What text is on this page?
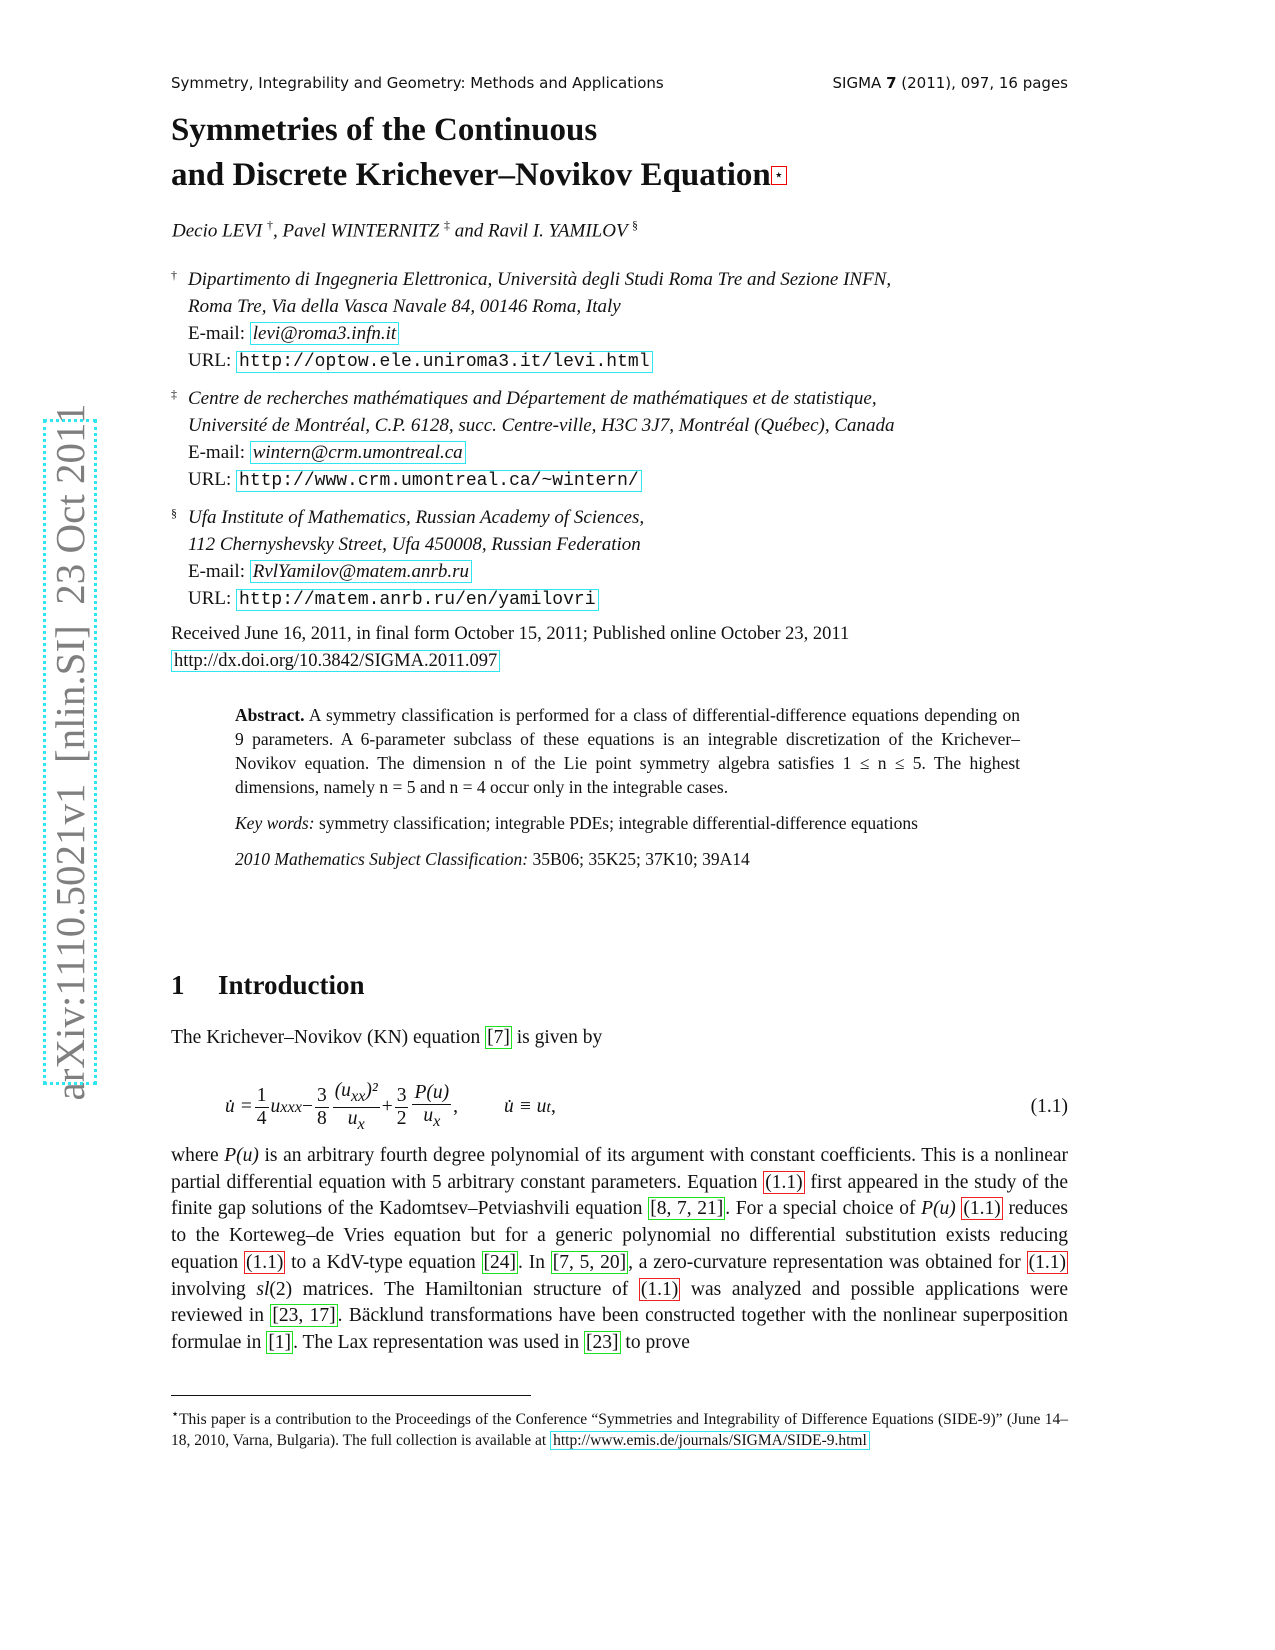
Symmetry, Integrability and Geometry: Methods and Applications	SIGMA 7 (2011), 097, 16 pages
Symmetries of the Continuous
and Discrete Krichever–Novikov Equation ⋆
Decio LEVI †, Pavel WINTERNITZ ‡ and Ravil I. YAMILOV §
† Dipartimento di Ingegneria Elettronica, Università degli Studi Roma Tre and Sezione INFN,
Roma Tre, Via della Vasca Navale 84, 00146 Roma, Italy
E-mail: levi@roma3.infn.it
URL: http://optow.ele.uniroma3.it/levi.html
‡ Centre de recherches mathématiques and Département de mathématiques et de statistique,
Université de Montréal, C.P. 6128, succ. Centre-ville, H3C 3J7, Montréal (Québec), Canada
E-mail: wintern@crm.umontreal.ca
URL: http://www.crm.umontreal.ca/~wintern/
§ Ufa Institute of Mathematics, Russian Academy of Sciences,
112 Chernyshevsky Street, Ufa 450008, Russian Federation
E-mail: RvlYamilov@matem.anrb.ru
URL: http://matem.anrb.ru/en/yamilovri
Received June 16, 2011, in final form October 15, 2011; Published online October 23, 2011
http://dx.doi.org/10.3842/SIGMA.2011.097

Abstract. A symmetry classification is performed for a class of differential-difference equations depending on 9 parameters. A 6-parameter subclass of these equations is an integrable discretization of the Krichever–Novikov equation. The dimension n of the Lie point symmetry algebra satisfies 1 ≤ n ≤ 5. The highest dimensions, namely n = 5 and n = 4 occur only in the integrable cases.

Key words: symmetry classification; integrable PDEs; integrable differential-difference equations

2010 Mathematics Subject Classification: 35B06; 35K25; 37K10; 39A14

1 Introduction
The Krichever–Novikov (KN) equation [7] is given by
u̇ = $\frac{1}{4}$ u xxx − $\frac{3}{8} \frac{(u_{xx})^2}{u_x} + \frac{3}{2} \frac{P(u)}{u_x}$ , u̇ ≡ u t ,	(1.1)
where P(u) is an arbitrary fourth degree polynomial of its argument with constant coefficients. This is a nonlinear partial differential equation with 5 arbitrary constant parameters. Equation (1.1) first appeared in the study of the finite gap solutions of the Kadomtsev–Petviashvili equation [8, 7, 21] . For a special choice of P(u) (1.1) reduces to the Korteweg–de Vries equation but for a generic polynomial no differential substitution exists reducing equation (1.1) to a KdV-type equation [24] . In [7, 5, 20] , a zero-curvature representation was obtained for (1.1) involving sl(2) matrices. The Hamiltonian structure of (1.1) was analyzed and possible applications were reviewed in [23, 17] . Bäcklund transformations have been constructed together with the nonlinear superposition formulae in [1] . The Lax representation was used in [23] to prove
⋆This paper is a contribution to the Proceedings of the Conference “Symmetries and Integrability of Difference Equations (SIDE-9)” (June 14–18, 2010, Varna, Bulgaria). The full collection is available at http://www.emis.de/journals/SIGMA/SIDE-9.html
arXiv:1110.5021v1  [nlin.SI]  23 Oct 2011
